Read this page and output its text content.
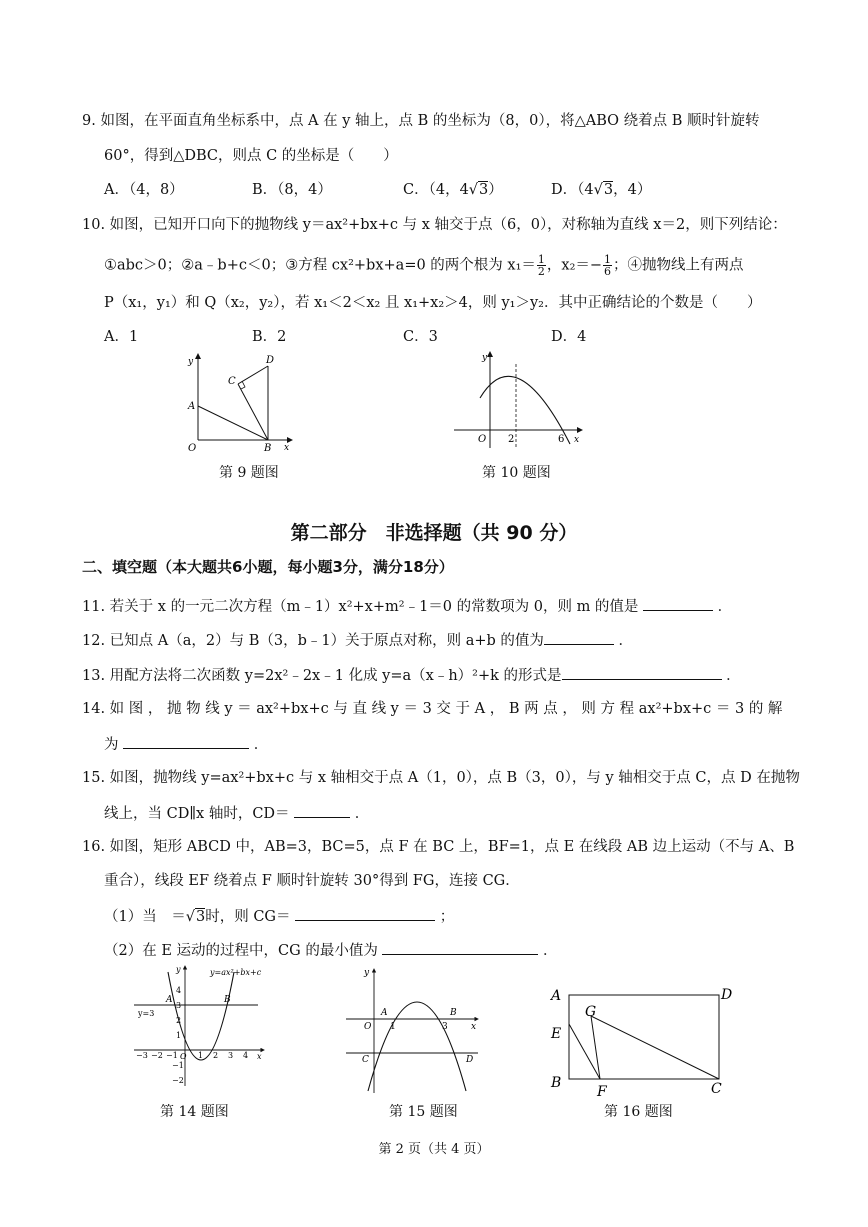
9. 如图，在平面直角坐标系中，点 A 在 y 轴上，点 B 的坐标为（8，0），将△ABO 绕着点 B 顺时针旋转
60°，得到△DBC，则点 C 的坐标是（　　）
A．（4，8）	B．（8，4）	C．（4，4√3）	D．（4√3，4）
10. 如图，已知开口向下的抛物线 y＝ax²+bx+c 与 x 轴交于点（6，0），对称轴为直线 x＝2，则下列结论：
①abc＞0；②a﹣b+c＜0；③方程 cx²+bx+a=0 的两个根为 $x_1= \frac{1}{2}$ ，$x_2=- \frac{1}{6}$ ；④抛物线上有两点
P（x₁，y₁）和 Q（x₂，y₂），若 x₁＜2＜x₂ 且 x₁+x₂＞4，则 y₁＞y₂．其中正确结论的个数是（　　）
A．1	B．2	C．3	D．4
y
x
O
A
B
C
D
第 9 题图
y
x
O 2	6
第 10 题图
第二部分　非选择题（共 90 分）
二、填空题（本大题共6小题，每小题3分，满分18分）
11. 若关于 x 的一元二次方程（m﹣1）x²+x+m²﹣1＝0 的常数项为 0，则 m 的值是	．
12. 已知点 A（a，2）与 B（3，b﹣1）关于原点对称，则 a+b 的值为	．
13. 用配方法将二次函数 y=2x²﹣2x﹣1 化成 y=a（x﹣h）²+k 的形式是	．
14. 如 图 ， 抛 物 线 y ＝ ax²+bx+c 与 直 线 y ＝ 3 交 于 A ， B 两 点 ， 则 方 程 ax²+bx+c ＝ 3 的 解
为	．
15. 如图，抛物线 y=ax²+bx+c 与 x 轴相交于点 A（1，0），点 B（3，0），与 y 轴相交于点 C，点 D 在抛物
线上，当 CD∥x 轴时，CD＝	．
16. 如图，矩形 ABCD 中，AB=3，BC=5，点 F 在 BC 上，BF=1，点 E 在线段 AB 边上运动（不与 A、B
重合），线段 EF 绕着点 F 顺时针旋转 30°得到 FG，连接 CG．
（1）当　＝√3时，则 CG＝	；
（2）在 E 运动的过程中，CG 的最小值为	．
y
x
y=ax²+bx+c
y=3
A	B
O
4
3
2
1
−1
−2
−3 −2 −1	1 2 3 4
第 14 题图
y
x
O
A	B
1	3
C	D
第 15 题图
A
B	C
D
E
F
G
第 16 题图
第 2 页（共 4 页）
